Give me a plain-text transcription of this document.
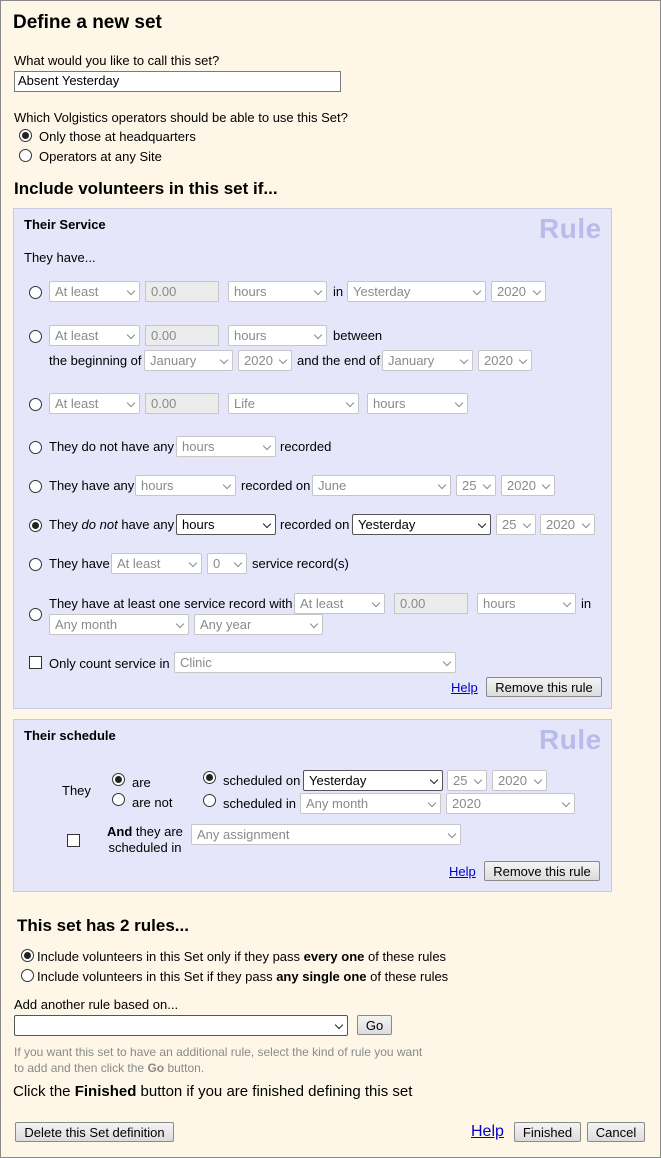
Define a new set
What would you like to call this set?
Absent Yesterday
Which Volgistics operators should be able to use this Set?
Only those at headquarters
Operators at any Site
Include volunteers in this set if...
Their Service	Rule
They have...
At least	0.00	hours	in Yesterday	2020
At least	0.00	hours	between
the beginning of January	2020	and the end of January	2020
At least	0.00	Life	hours
They do not have any hours	recorded
They have any hours	recorded on June	25	2020
They do not have any hours	recorded on Yesterday	25	2020
They have At least	0	service record(s)
They have at least one service record with At least	0.00	hours	in
Any month	Any year
Only count service in Clinic
Help	Remove this rule
Their schedule	Rule
They
are
are not
scheduled on Yesterday	25	2020
scheduled in Any month	2020
And they are
scheduled in
Any assignment
Help	Remove this rule
This set has 2 rules...
Include volunteers in this Set only if they pass every one of these rules
Include volunteers in this Set if they pass any single one of these rules
Add another rule based on...
Go
If you want this set to have an additional rule, select the kind of rule you want
to add and then click the Go button.
Click the Finished button if you are finished defining this set
Delete this Set definition	Help	Finished	Cancel
